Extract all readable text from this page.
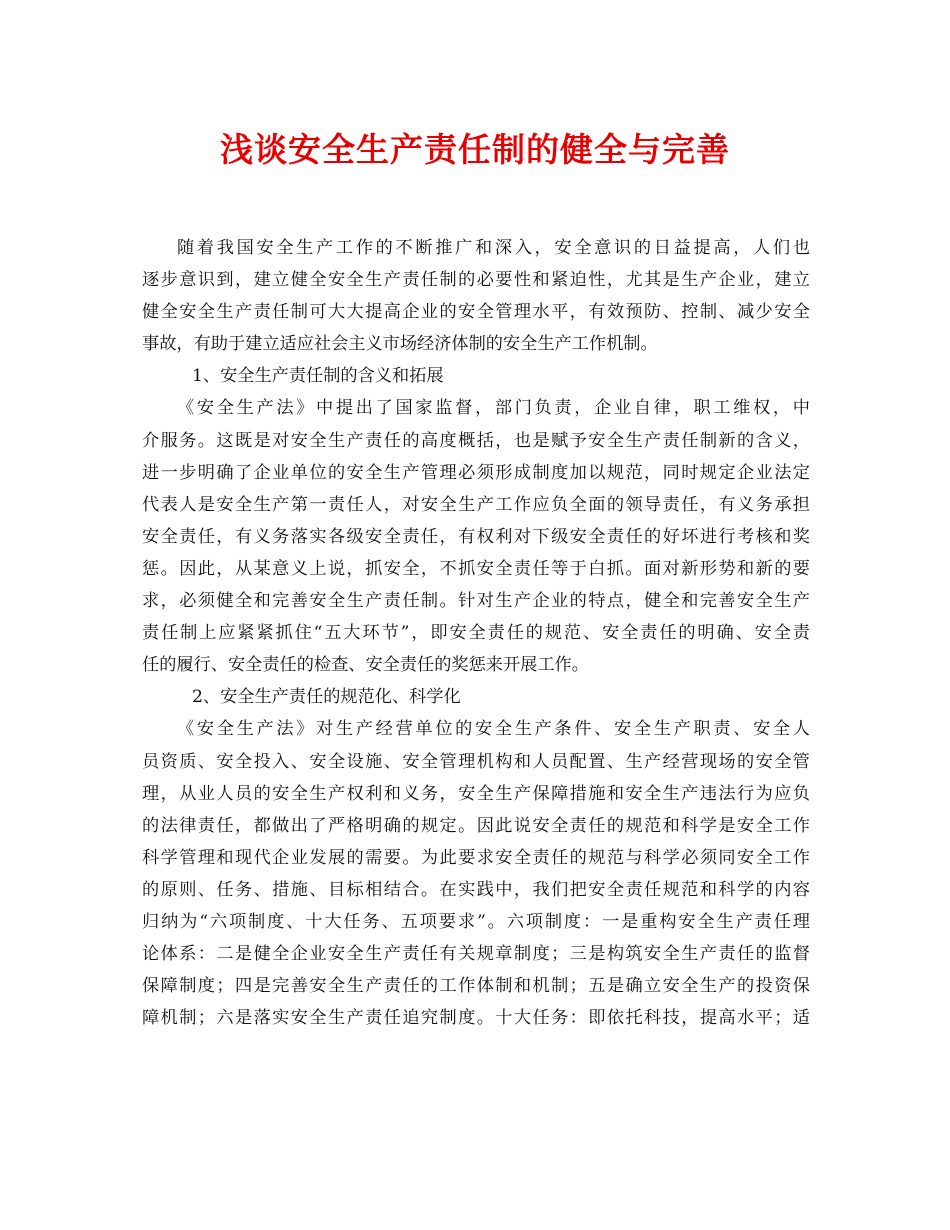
浅谈安全生产责任制的健全与完善
随着我国安全生产工作的不断推广和深入，安全意识的日益提高，人们也
逐步意识到，建立健全安全生产责任制的必要性和紧迫性，尤其是生产企业，建立
健全安全生产责任制可大大提高企业的安全管理水平，有效预防、控制、减少安全
事故，有助于建立适应社会主义市场经济体制的安全生产工作机制。
1、安全生产责任制的含义和拓展
《安全生产法》中提出了国家监督，部门负责，企业自律，职工维权，中
介服务。这既是对安全生产责任的高度概括，也是赋予安全生产责任制新的含义，
进一步明确了企业单位的安全生产管理必须形成制度加以规范，同时规定企业法定
代表人是安全生产第一责任人，对安全生产工作应负全面的领导责任，有义务承担
安全责任，有义务落实各级安全责任，有权利对下级安全责任的好坏进行考核和奖
惩。因此，从某意义上说，抓安全，不抓安全责任等于白抓。面对新形势和新的要
求，必须健全和完善安全生产责任制。针对生产企业的特点，健全和完善安全生产
责任制上应紧紧抓住“五大环节”，即安全责任的规范、安全责任的明确、安全责
任的履行、安全责任的检查、安全责任的奖惩来开展工作。
2、安全生产责任的规范化、科学化
《安全生产法》对生产经营单位的安全生产条件、安全生产职责、安全人
员资质、安全投入、安全设施、安全管理机构和人员配置、生产经营现场的安全管
理，从业人员的安全生产权利和义务，安全生产保障措施和安全生产违法行为应负
的法律责任，都做出了严格明确的规定。因此说安全责任的规范和科学是安全工作
科学管理和现代企业发展的需要。为此要求安全责任的规范与科学必须同安全工作
的原则、任务、措施、目标相结合。在实践中，我们把安全责任规范和科学的内容
归纳为“六项制度、十大任务、五项要求”。六项制度：一是重构安全生产责任理
论体系：二是健全企业安全生产责任有关规章制度；三是构筑安全生产责任的监督
保障制度；四是完善安全生产责任的工作体制和机制；五是确立安全生产的投资保
障机制；六是落实安全生产责任追究制度。十大任务：即依托科技，提高水平；适
